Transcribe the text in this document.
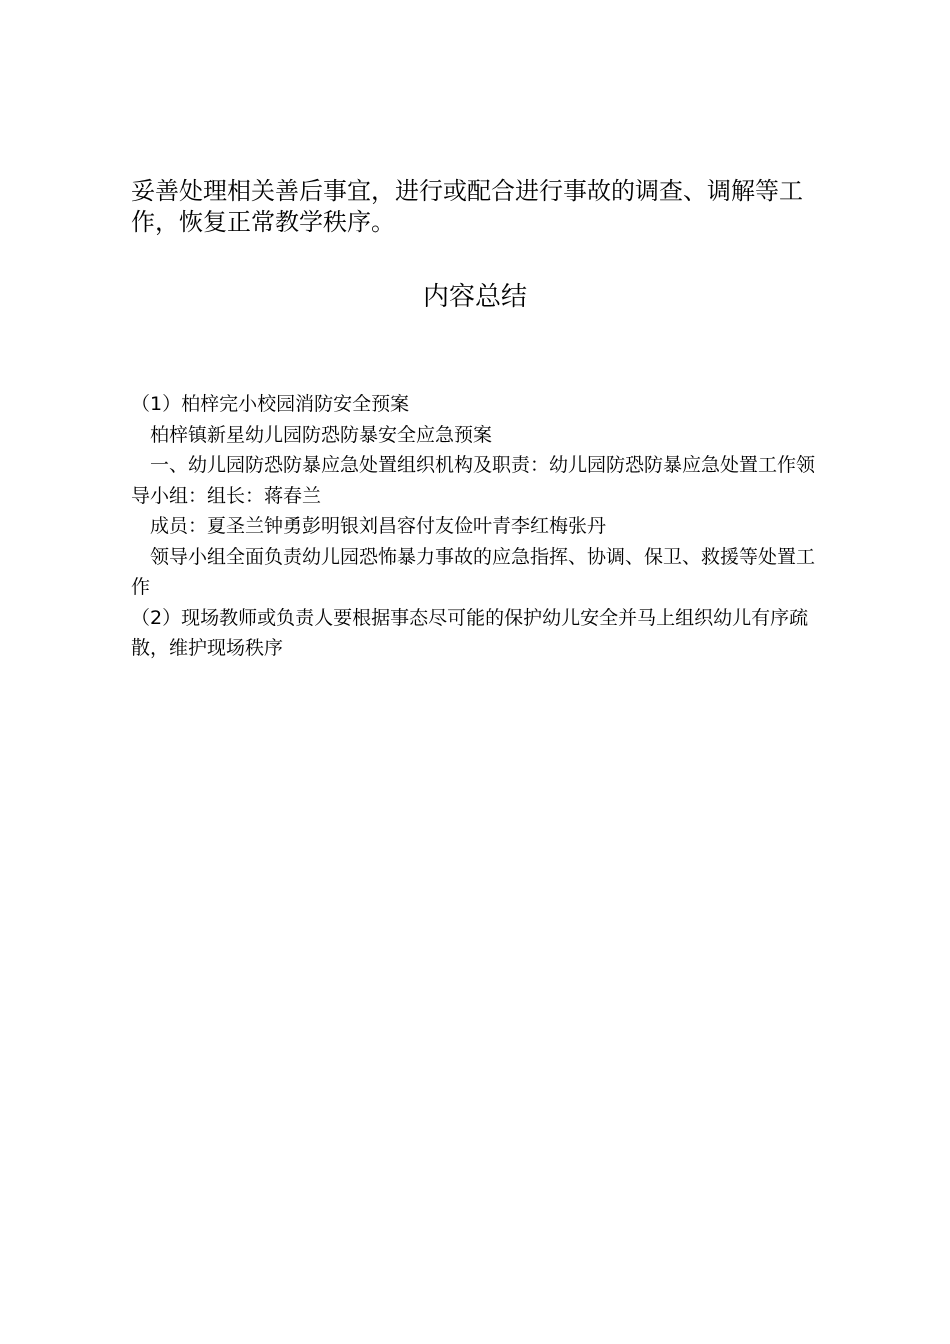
妥善处理相关善后事宜，进行或配合进行事故的调查、调解等工作，恢复正常教学秩序。

内容总结

（1）柏梓完小校园消防安全预案

柏梓镇新星幼儿园防恐防暴安全应急预案

一、幼儿园防恐防暴应急处置组织机构及职责：幼儿园防恐防暴应急处置工作领导小组：组长：蒋春兰

成员：夏圣兰钟勇彭明银刘昌容付友俭叶青李红梅张丹

领导小组全面负责幼儿园恐怖暴力事故的应急指挥、协调、保卫、救援等处置工作

（2）现场教师或负责人要根据事态尽可能的保护幼儿安全并马上组织幼儿有序疏散，维护现场秩序
